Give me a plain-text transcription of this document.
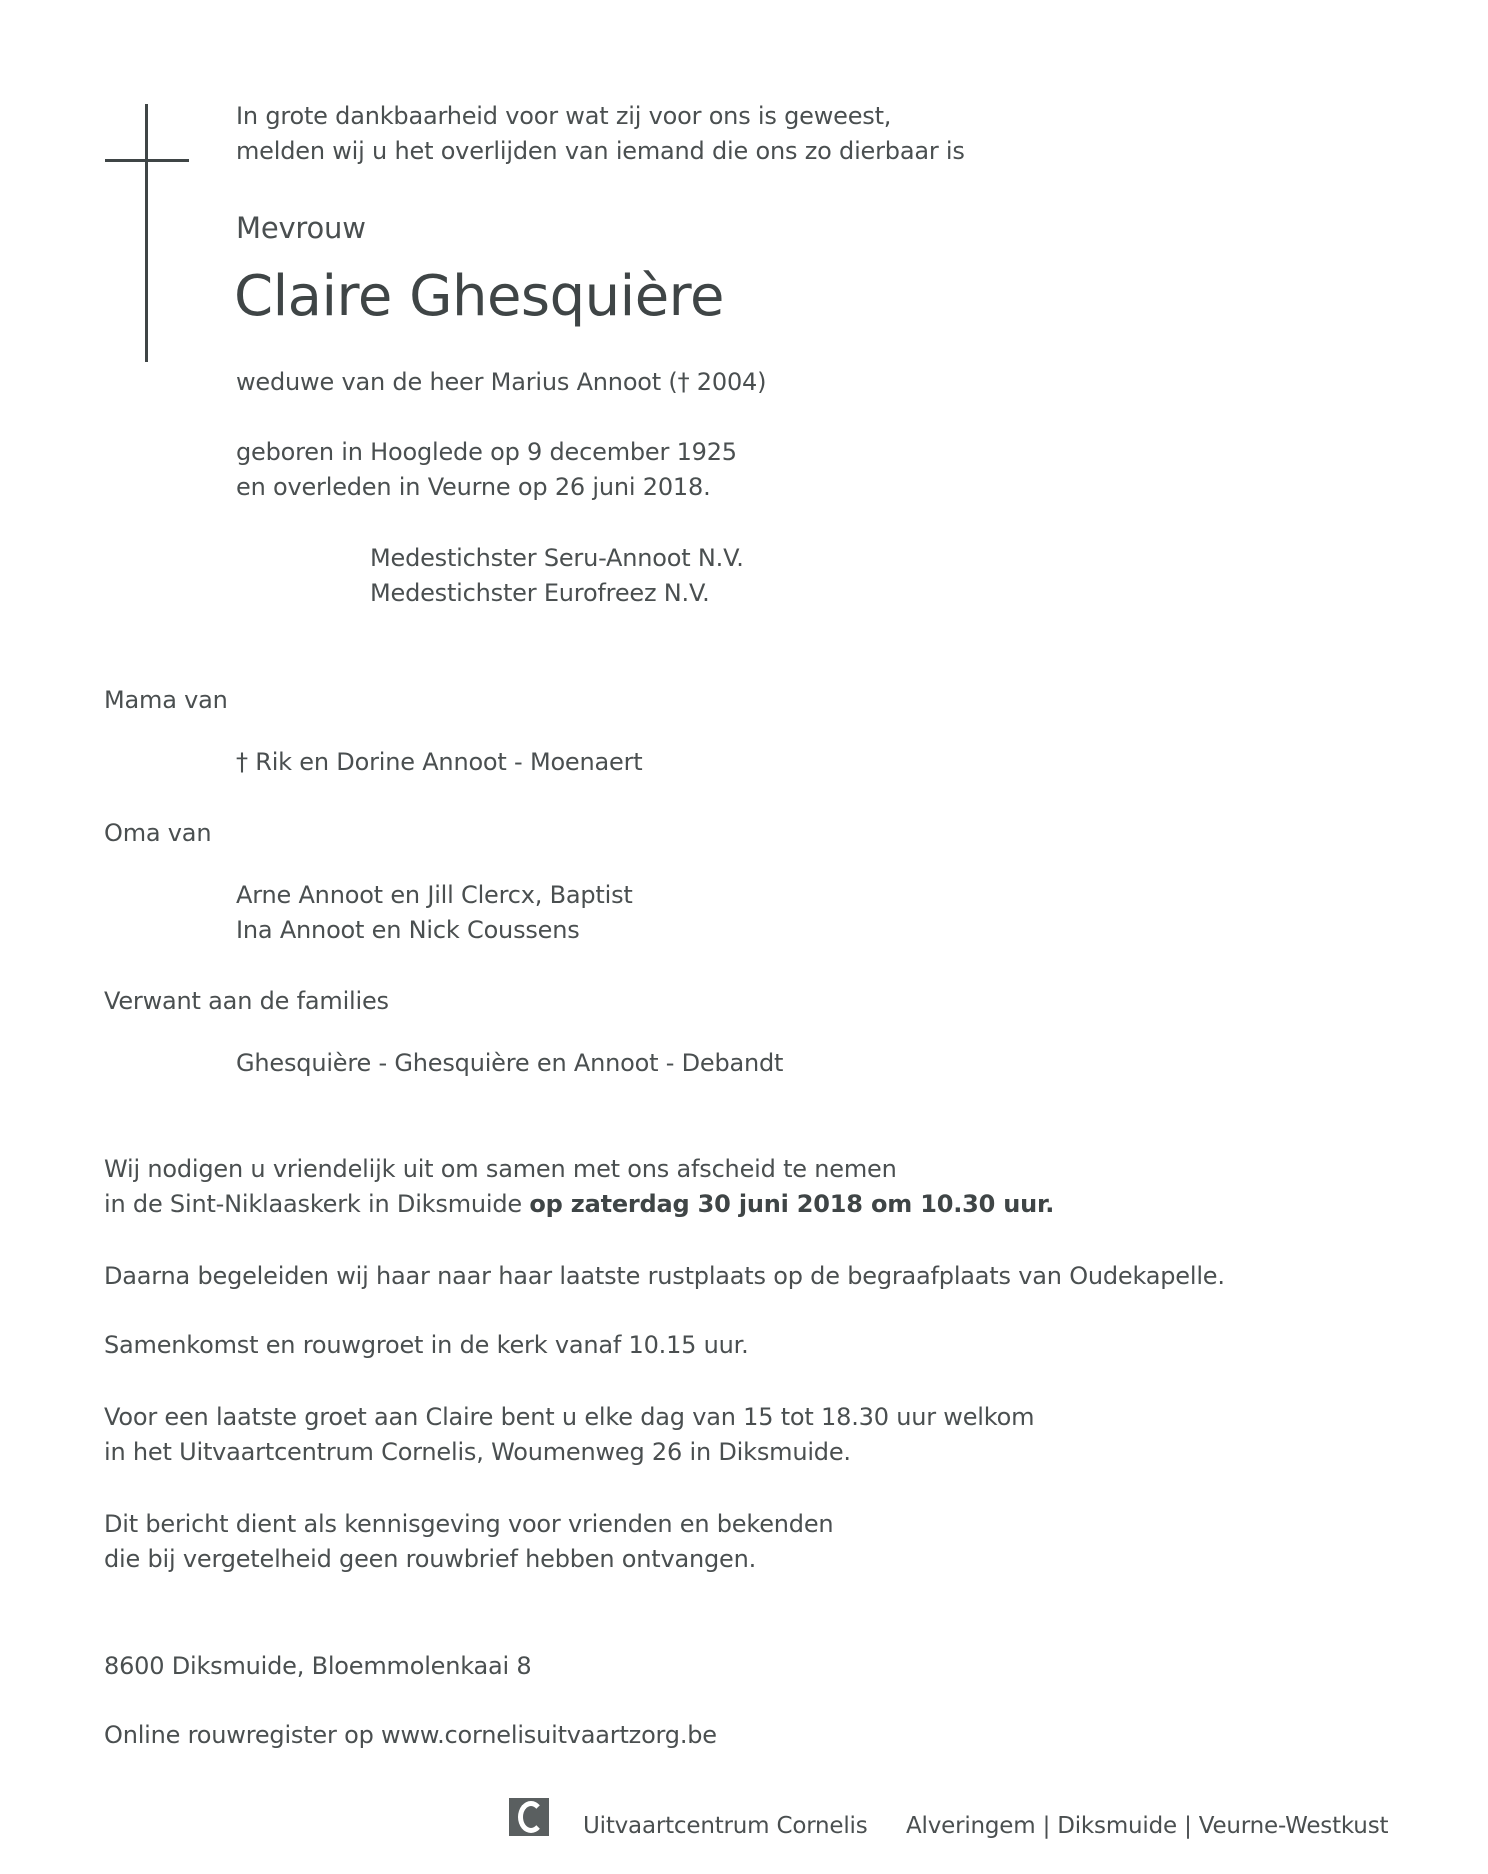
In grote dankbaarheid voor wat zij voor ons is geweest,
melden wij u het overlijden van iemand die ons zo dierbaar is
Mevrouw
Claire Ghesquière
weduwe van de heer Marius Annoot († 2004)
geboren in Hooglede op 9 december 1925
en overleden in Veurne op 26 juni 2018.
Medestichster Seru-Annoot N.V.
Medestichster Eurofreez N.V.
Mama van
† Rik en Dorine Annoot - Moenaert
Oma van
Arne Annoot en Jill Clercx, Baptist
Ina Annoot en Nick Coussens
Verwant aan de families
Ghesquière - Ghesquière en Annoot - Debandt
Wij nodigen u vriendelijk uit om samen met ons afscheid te nemen
in de Sint-Niklaaskerk in Diksmuide op zaterdag 30 juni 2018 om 10.30 uur.
Daarna begeleiden wij haar naar haar laatste rustplaats op de begraafplaats van Oudekapelle.
Samenkomst en rouwgroet in de kerk vanaf 10.15 uur.
Voor een laatste groet aan Claire bent u elke dag van 15 tot 18.30 uur welkom
in het Uitvaartcentrum Cornelis, Woumenweg 26 in Diksmuide.
Dit bericht dient als kennisgeving voor vrienden en bekenden
die bij vergetelheid geen rouwbrief hebben ontvangen.
8600 Diksmuide, Bloemmolenkaai 8
Online rouwregister op www.cornelisuitvaartzorg.be
Uitvaartcentrum Cornelis Alveringem | Diksmuide | Veurne-Westkust
